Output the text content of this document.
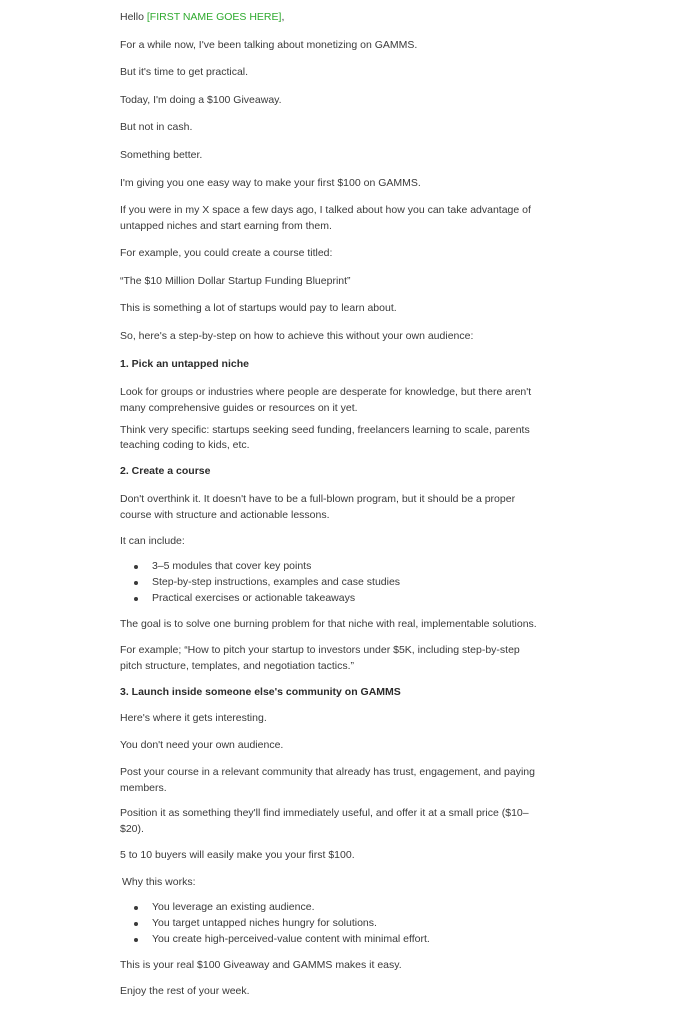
Hello [FIRST NAME GOES HERE],

For a while now, I've been talking about monetizing on GAMMS.

But it's time to get practical.

Today, I'm doing a $100 Giveaway.

But not in cash.

Something better.

I'm giving you one easy way to make your first $100 on GAMMS.

If you were in my X space a few days ago, I talked about how you can take advantage of

untapped niches and start earning from them.

For example, you could create a course titled:

“The $10 Million Dollar Startup Funding Blueprint”

This is something a lot of startups would pay to learn about.

So, here's a step-by-step on how to achieve this without your own audience:

1. Pick an untapped niche

Look for groups or industries where people are desperate for knowledge, but there aren't

many comprehensive guides or resources on it yet.

Think very specific: startups seeking seed funding, freelancers learning to scale, parents

teaching coding to kids, etc.

2. Create a course

Don't overthink it. It doesn't have to be a full-blown program, but it should be a proper

course with structure and actionable lessons.

It can include:

3–5 modules that cover key points
Step-by-step instructions, examples and case studies
Practical exercises or actionable takeaways

The goal is to solve one burning problem for that niche with real, implementable solutions.

For example; “How to pitch your startup to investors under $5K, including step-by-step

pitch structure, templates, and negotiation tactics.”

3. Launch inside someone else's community on GAMMS

Here's where it gets interesting.

You don't need your own audience.

Post your course in a relevant community that already has trust, engagement, and paying

members.

Position it as something they'll find immediately useful, and offer it at a small price ($10–

$20).

5 to 10 buyers will easily make you your first $100.

Why this works:

You leverage an existing audience.
You target untapped niches hungry for solutions.
You create high-perceived-value content with minimal effort.

This is your real $100 Giveaway and GAMMS makes it easy.

Enjoy the rest of your week.
